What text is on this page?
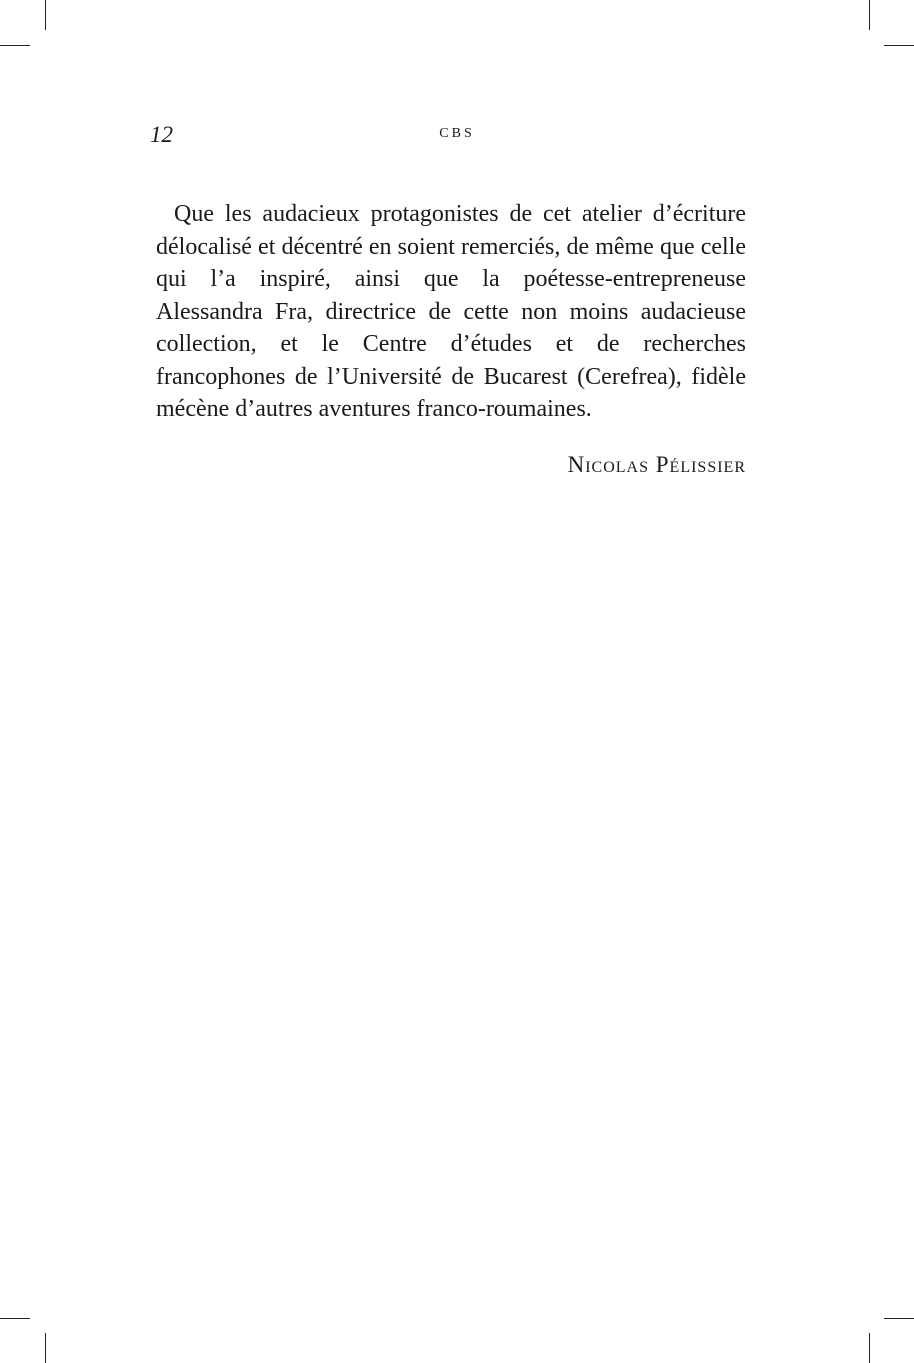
12	CBS

Que les audacieux protagonistes de cet atelier d’écriture délocalisé et décentré en soient remerciés, de même que celle qui l’a inspiré, ainsi que la poétesse-entrepreneuse Alessandra Fra, directrice de cette non moins audacieuse collection, et le Centre d’études et de recherches francophones de l’Université de Bucarest (Cerefrea), fidèle mécène d’autres aventures franco-roumaines.

Nicolas Pélissier
